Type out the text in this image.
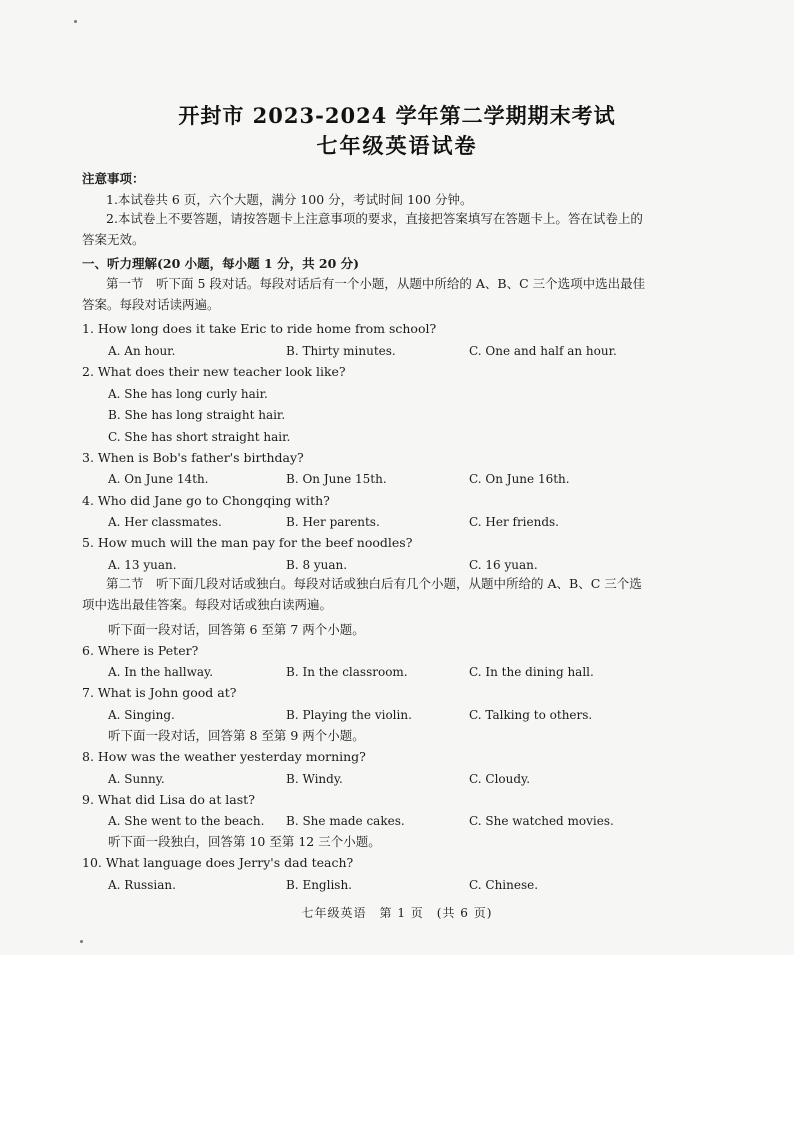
开封市 2023-2024 学年第二学期期末考试
七年级英语试卷
注意事项：
1.本试卷共 6 页，六个大题，满分 100 分，考试时间 100 分钟。
2.本试卷上不要答题，请按答题卡上注意事项的要求，直接把答案填写在答题卡上。答在试卷上的答案无效。
一、听力理解(20 小题，每小题 1 分，共 20 分)
第一节　听下面 5 段对话。每段对话后有一个小题，从题中所给的 A、B、C 三个选项中选出最佳答案。每段对话读两遍。
1. How long does it take Eric to ride home from school?
A. An hour.	B. Thirty minutes.	C. One and half an hour.
2. What does their new teacher look like?
A. She has long curly hair.
B. She has long straight hair.
C. She has short straight hair.
3. When is Bob's father's birthday?
A. On June 14th.	B. On June 15th.	C. On June 16th.
4. Who did Jane go to Chongqing with?
A. Her classmates.	B. Her parents.	C. Her friends.
5. How much will the man pay for the beef noodles?
A. 13 yuan.	B. 8 yuan.	C. 16 yuan.
第二节　听下面几段对话或独白。每段对话或独白后有几个小题，从题中所给的 A、B、C 三个选项中选出最佳答案。每段对话或独白读两遍。
听下面一段对话，回答第 6 至第 7 两个小题。
6. Where is Peter?
A. In the hallway.	B. In the classroom.	C. In the dining hall.
7. What is John good at?
A. Singing.	B. Playing the violin.	C. Talking to others.
听下面一段对话，回答第 8 至第 9 两个小题。
8. How was the weather yesterday morning?
A. Sunny.	B. Windy.	C. Cloudy.
9. What did Lisa do at last?
A. She went to the beach. B. She made cakes.	C. She watched movies.
听下面一段独白，回答第 10 至第 12 三个小题。
10. What language does Jerry's dad teach?
A. Russian.	B. English.	C. Chinese.
七年级英语　第 1 页　(共 6 页)
